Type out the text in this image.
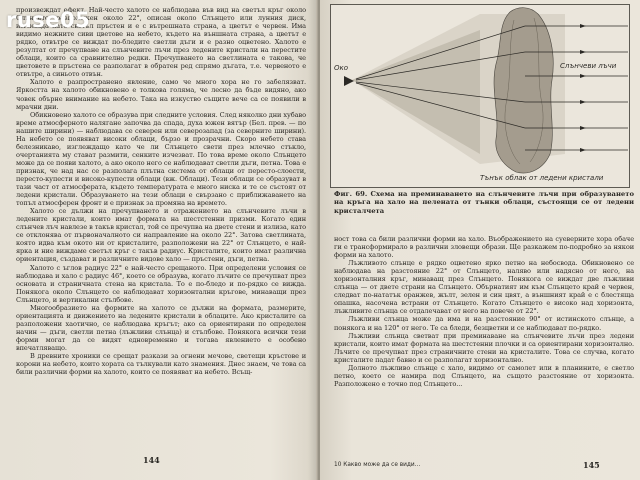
произвеждат ефект. Най-често халото се наблюдава във вид на светъл кръг около Слънцето, разположен около 22°, описан около Слънцето или лунния диск, изглежда като светъл пръстен и е с вътрешната страна, а цветът е червен. Има видимо нежните сиви цветове на небето, където на външната страна, а цветът е рядко, отвътре се виждат по-бледите светли дъги и е разно оцветено. Халото е резултат от пречупване на слънчевите лъчи през ледените кристали на перестите облаци, които са сравнително редки. Пречупването на светлината е такова, че цветовете в пръстена се разполагат в обратен ред спрямо дъгата, т.е. червеното е отвътре, а синьото отвън.

Халото е разпространено явление, само че много хора не го забелязват. Яркостта на халото обикновено е толкова голяма, че лесно да бъде видяно, ако човек обърне внимание на небето. Така на изкуство същите вече са се появили в мрачни дни.

Обикновено халото се образува при следните условия. След няколко дни хубаво време атмосферното налягане започва да спада, духа южен вятър (Бел. прев. — по нашите ширини) — наблюдава се северен или северозапад (за северните ширини). На небето се появяват високи облаци, бързо и прозрачни. Скоро небето става белезникаво, изглеждащо като че ли Слънцето свети през млечно стъкло, очертанията му стават размити, сенките изчезват. По това време около Слънцето може да се появи халото, а ако около него се наблюдават светли дъги, петна. Това е признак, че над нас се разполага плътна система от облаци от пересто-слоести, пересто-купести и високо-купести облаци (вж. Облаци). Тези облаци се образуват в тази част от атмосферата, където температурата е много ниска и те се състоят от ледени кристали. Образуването на тези облаци е свързано с приближаването на топъл атмосферен фронт и е признак за промяна на времето.

Халото се дължи на пречупването и отражението на слънчевите лъчи в ледените кристали, които имат формата на шестстенни призми. Когато един слънчев лъч навлезе в такъв кристал, той се пречупва на двете стени и излиза, като се отклонява от първоначалното си направление на около 22°. Затова светлината, която идва към окото ни от кристалите, разположени на 22° от Слънцето, е най-ярка и ние виждаме светъл кръг с такъв радиус. Кристалите, които имат различна ориентация, създават и различните видове хало — пръстени, дъги, петна.

Халото с ъглов радиус 22° е най-често срещаното. При определени условия се наблюдава и хало с радиус 46°, което се образува, когато лъчите се пречупват през основата и страничната стена на кристала. То е по-бледо и по-рядко се вижда. Понякога около Слънцето се наблюдават хоризонтални кръгове, минаващи през Слънцето, и вертикални стълбове.

Многообразието на формите на халото се дължи на формата, размерите, ориентацията и движението на ледените кристали в облаците. Ако кристалите са разположени хаотично, се наблюдава кръгът; ако са ориентирани по определен начин — дъги, светли петна (лъжливи слънца) и стълбове. Понякога всички тези форми могат да се видят едновременно и тогава явлението е особено впечатляващо.

В древните хроники се срещат разкази за огнени мечове, светещи кръстове и корони на небето, които хората са тълкували като знамения. Днес знаем, че това са били различни форми на халото, които се появяват на небето. Всъщ-

144
Око	Слънчеви лъчи
Тънък облак от ледени кристали
Фиг. 69. Схема на преминаването на слънчевите лъчи при образуването на кръга на хало на пелената от тънки облаци, състоящи се от ледени кристалчета

ност това са били различни форми на хало. Въображението на суеверните хора обаче ги е трансформирало в различни зловещи образи. Ще разкажем по-подробно за някои форми на халото.

Лъжливото слънце е рядко оцветено ярко петно на небосвода. Обикновено се наблюдава на разстояние 22° от Слънцето, наляво или надясно от него, на хоризонталния кръг, минаващ през Слънцето. Понякога се виждат две лъжливи слънца — от двете страни на Слънцето. Обърнатият им към Слънцето край е червен, следват по-нататък оранжев, жълт, зелен и син цвят, а външният край е с блестяща опашка, насочена встрани от Слънцето. Когато Слънцето е високо над хоризонта, лъжливите слънца се отдалечават от него на повече от 22°.

Лъжливи слънца може да има и на разстояние 90° от истинското слънце, а понякога и на 120° от него. Те са бледи, безцветни и се наблюдават по-рядко.

Лъжливи слънца светват при преминаване на слънчевите лъчи през ледени кристали, които имат формата на шестстенни плочки и са ориентирани хоризонтално. Лъчите се пречупват през страничните стени на кристалите. Това се случва, когато кристалите падат бавно и се разполагат хоризонтално.

Долното лъжливо слънце с хало, видимо от самолет или в планините, е светло петно, което се намира под Слънцето, на същото разстояние от хоризонта. Разположено е точно под Слънцето...

10 Какво може да се види...	145
ruse05
